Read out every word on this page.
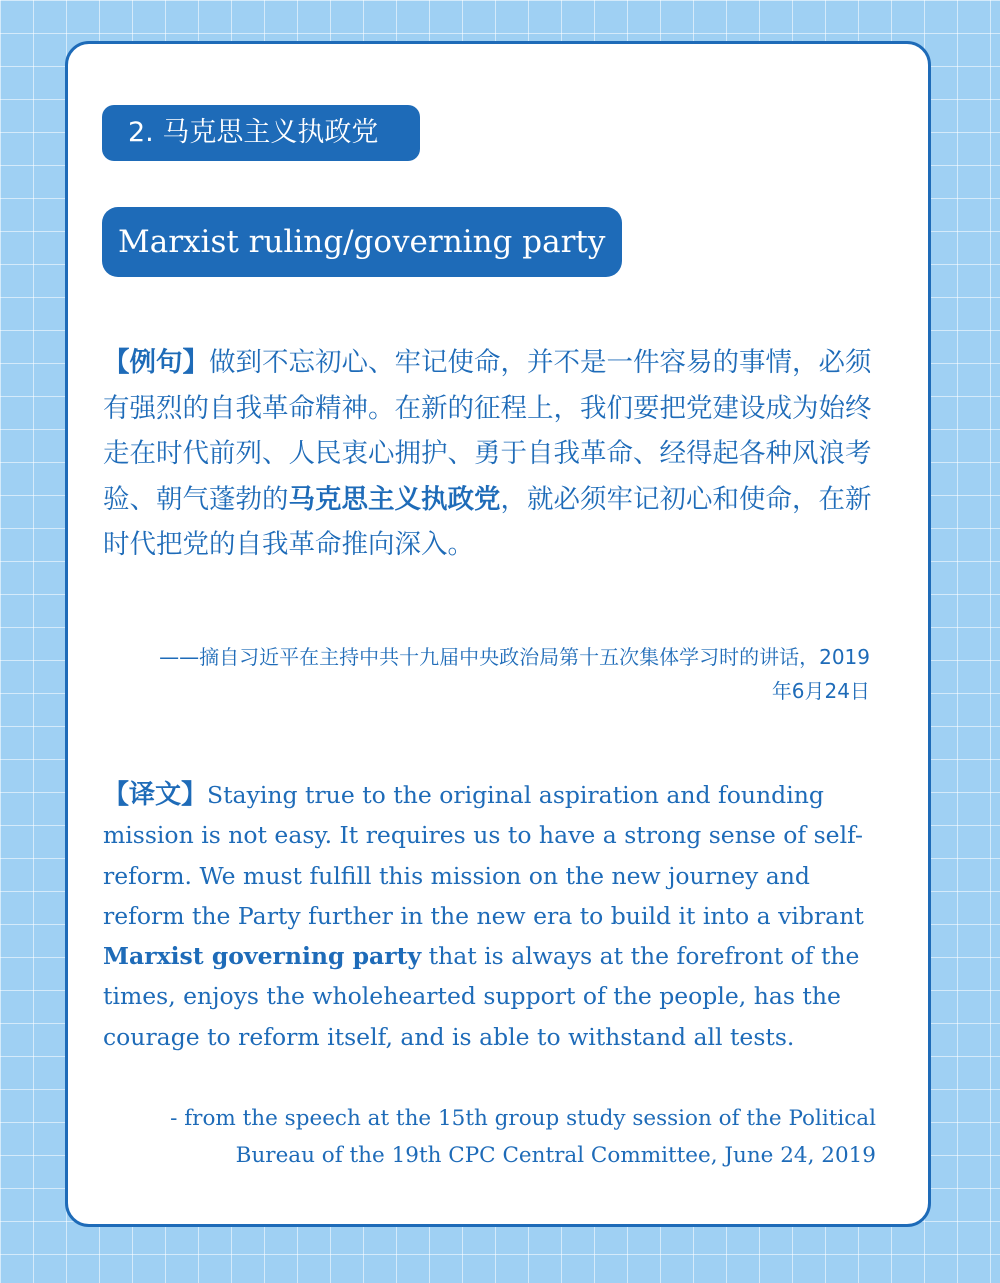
2. 马克思主义执政党
Marxist ruling/governing party

【例句】做到不忘初心、牢记使命，并不是一件容易的事情，必须有强烈的自我革命精神。在新的征程上，我们要把党建设成为始终走在时代前列、人民衷心拥护、勇于自我革命、经得起各种风浪考验、朝气蓬勃的马克思主义执政党，就必须牢记初心和使命，在新时代把党的自我革命推向深入。

——摘自习近平在主持中共十九届中央政治局第十五次集体学习时的讲话，2019年6月24日

【译文】Staying true to the original aspiration and founding mission is not easy. It requires us to have a strong sense of self-reform. We must fulfill this mission on the new journey and reform the Party further in the new era to build it into a vibrant Marxist governing party that is always at the forefront of the times, enjoys the wholehearted support of the people, has the courage to reform itself, and is able to withstand all tests.

- from the speech at the 15th group study session of the Political Bureau of the 19th CPC Central Committee, June 24, 2019
